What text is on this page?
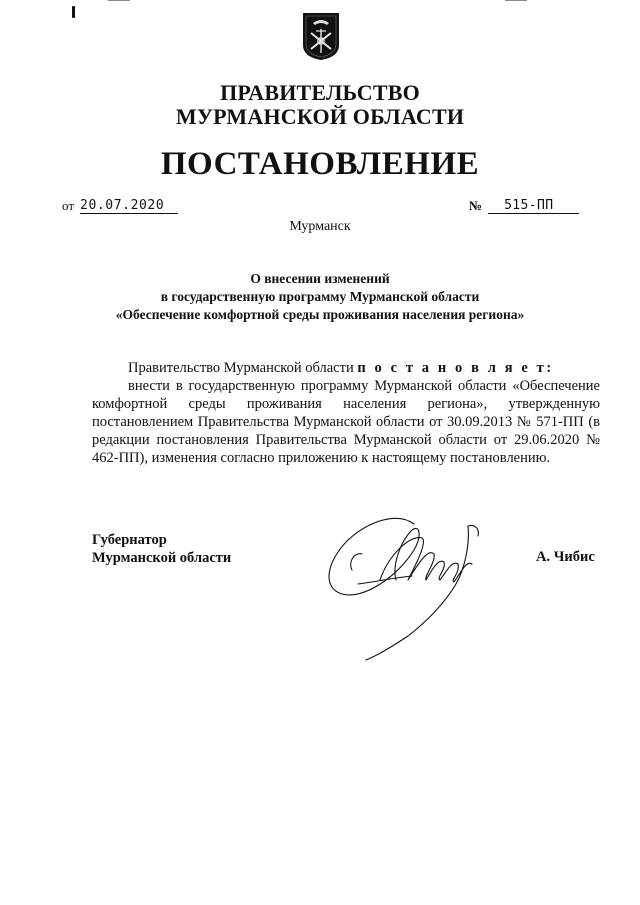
ПРАВИТЕЛЬСТВО
МУРМАНСКОЙ ОБЛАСТИ
ПОСТАНОВЛЕНИЕ
от 20.07.2020	№	515-ПП
Мурманск
О внесении изменений
в государственную программу Мурманской области
«Обеспечение комфортной среды проживания населения региона»

Правительство Мурманской области п о с т а н о в л я е т:

внести в государственную программу Мурманской области «Обеспечение комфортной среды проживания населения региона», утвержденную постановлением Правительства Мурманской области от 30.09.2013 № 571-ПП (в редакции постановления Правительства Мурманской области от 29.06.2020 № 462-ПП), изменения согласно приложению к настоящему постановлению.

Губернатор
Мурманской области	А. Чибис
